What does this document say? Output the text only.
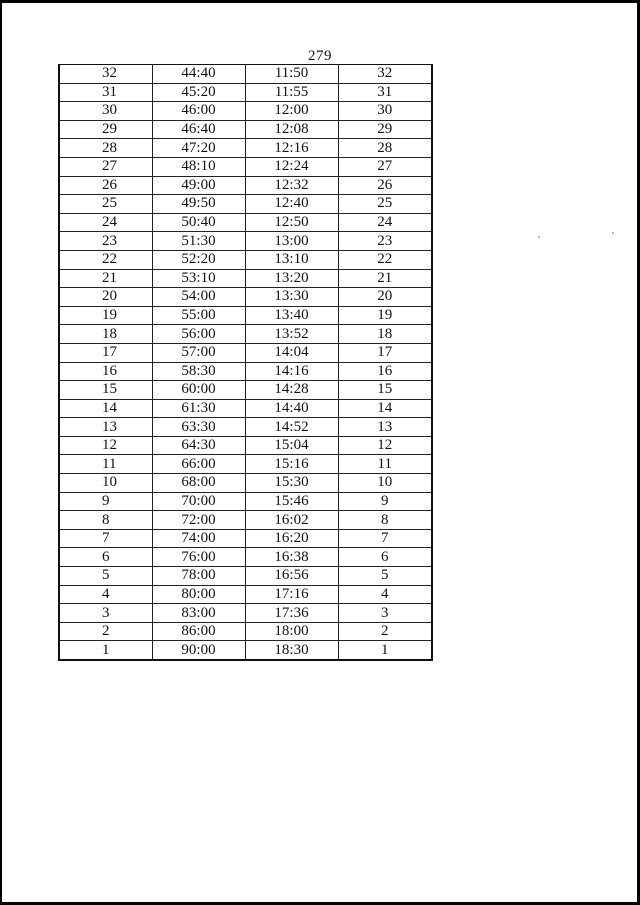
279
32	44:40	11:50	32
31	45:20	11:55	31
30	46:00	12:00	30
29	46:40	12:08	29
28	47:20	12:16	28
27	48:10	12:24	27
26	49:00	12:32	26
25	49:50	12:40	25
24	50:40	12:50	24
23	51:30	13:00	23
22	52:20	13:10	22
21	53:10	13:20	21
20	54:00	13:30	20
19	55:00	13:40	19
18	56:00	13:52	18
17	57:00	14:04	17
16	58:30	14:16	16
15	60:00	14:28	15
14	61:30	14:40	14
13	63:30	14:52	13
12	64:30	15:04	12
11	66:00	15:16	11
10	68:00	15:30	10
9	70:00	15:46	9
8	72:00	16:02	8
7	74:00	16:20	7
6	76:00	16:38	6
5	78:00	16:56	5
4	80:00	17:16	4
3	83:00	17:36	3
2	86:00	18:00	2
1	90:00	18:30	1
